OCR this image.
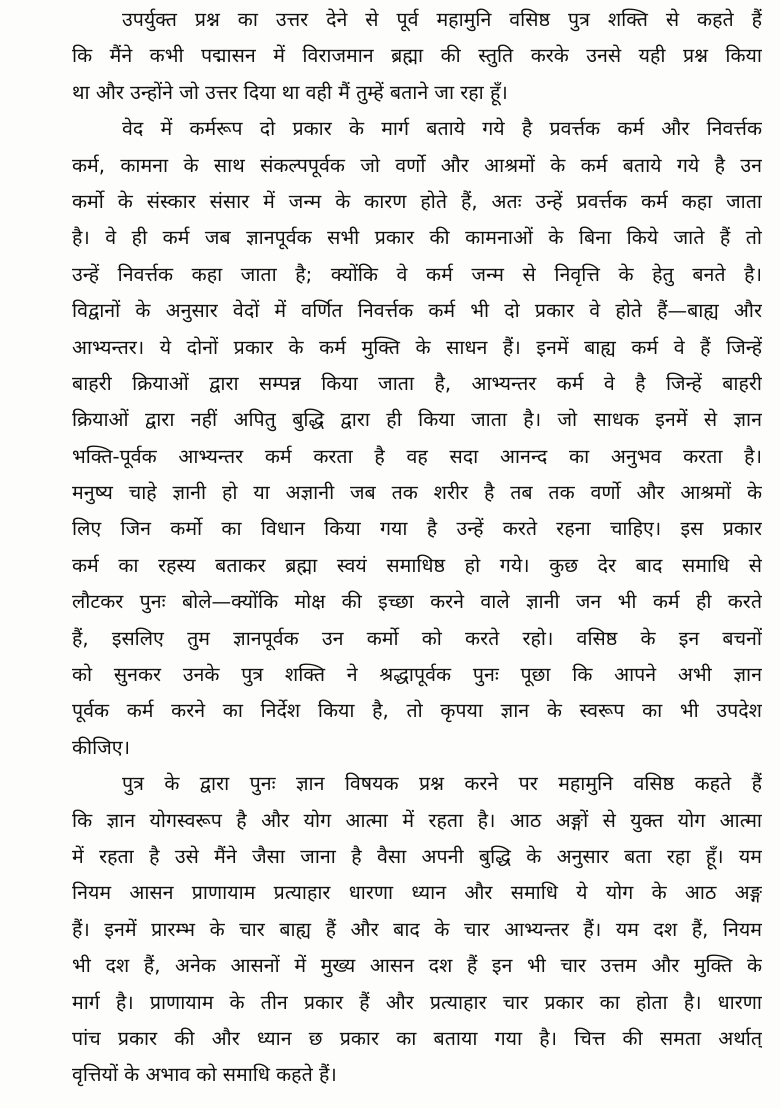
उपर्युक्त प्रश्न का उत्तर देने से पूर्व महामुनि वसिष्ठ पुत्र शक्ति से कहते हैं
कि मैंने कभी पद्मासन में विराजमान ब्रह्मा की स्तुति करके उनसे यही प्रश्न किया
था और उन्होंने जो उत्तर दिया था वही मैं तुम्हें बताने जा रहा हूँ।
वेद में कर्मरूप दो प्रकार के मार्ग बताये गये है प्रवर्त्तक कर्म और निवर्त्तक
कर्म, कामना के साथ संकल्पपूर्वक जो वर्णो और आश्रमों के कर्म बताये गये है उन
कर्मो के संस्कार संसार में जन्म के कारण होते हैं, अतः उन्हें प्रवर्त्तक कर्म कहा जाता
है। वे ही कर्म जब ज्ञानपूर्वक सभी प्रकार की कामनाओं के बिना किये जाते हैं तो
उन्हें निवर्त्तक कहा जाता है; क्योंकि वे कर्म जन्म से निवृत्ति के हेतु बनते है।
विद्वानों के अनुसार वेदों में वर्णित निवर्त्तक कर्म भी दो प्रकार वे होते हैं—बाह्य और
आभ्यन्तर। ये दोनों प्रकार के कर्म मुक्ति के साधन हैं। इनमें बाह्य कर्म वे हैं जिन्हें
बाहरी क्रियाओं द्वारा सम्पन्न किया जाता है, आभ्यन्तर कर्म वे है जिन्हें बाहरी
क्रियाओं द्वारा नहीं अपितु बुद्धि द्वारा ही किया जाता है। जो साधक इनमें से ज्ञान
भक्ति-पूर्वक आभ्यन्तर कर्म करता है वह सदा आनन्द का अनुभव करता है।
मनुष्य चाहे ज्ञानी हो या अज्ञानी जब तक शरीर है तब तक वर्णो और आश्रमों के
लिए जिन कर्मो का विधान किया गया है उन्हें करते रहना चाहिए। इस प्रकार
कर्म का रहस्य बताकर ब्रह्मा स्वयं समाधिष्ठ हो गये। कुछ देर बाद समाधि से
लौटकर पुनः बोले—क्योंकि मोक्ष की इच्छा करने वाले ज्ञानी जन भी कर्म ही करते
हैं, इसलिए तुम ज्ञानपूर्वक उन कर्मो को करते रहो। वसिष्ठ के इन बचनों
को सुनकर उनके पुत्र शक्ति ने श्रद्धापूर्वक पुनः पूछा कि आपने अभी ज्ञान
पूर्वक कर्म करने का निर्देश किया है, तो कृपया ज्ञान के स्वरूप का भी उपदेश
कीजिए।
पुत्र के द्वारा पुनः ज्ञान विषयक प्रश्न करने पर महामुनि वसिष्ठ कहते हैं
कि ज्ञान योगस्वरूप है और योग आत्मा में रहता है। आठ अङ्गों से युक्त योग आत्मा
में रहता है उसे मैंने जैसा जाना है वैसा अपनी बुद्धि के अनुसार बता रहा हूँ। यम
नियम आसन प्राणायाम प्रत्याहार धारणा ध्यान और समाधि ये योग के आठ अङ्ग
हैं। इनमें प्रारम्भ के चार बाह्य हैं और बाद के चार आभ्यन्तर हैं। यम दश हैं, नियम
भी दश हैं, अनेक आसनों में मुख्य आसन दश हैं इन भी चार उत्तम और मुक्ति के
मार्ग है। प्राणायाम के तीन प्रकार हैं और प्रत्याहार चार प्रकार का होता है। धारणा
पांच प्रकार की और ध्यान छ प्रकार का बताया गया है। चित्त की समता अर्थात्
वृत्तियों के अभाव को समाधि कहते हैं।
